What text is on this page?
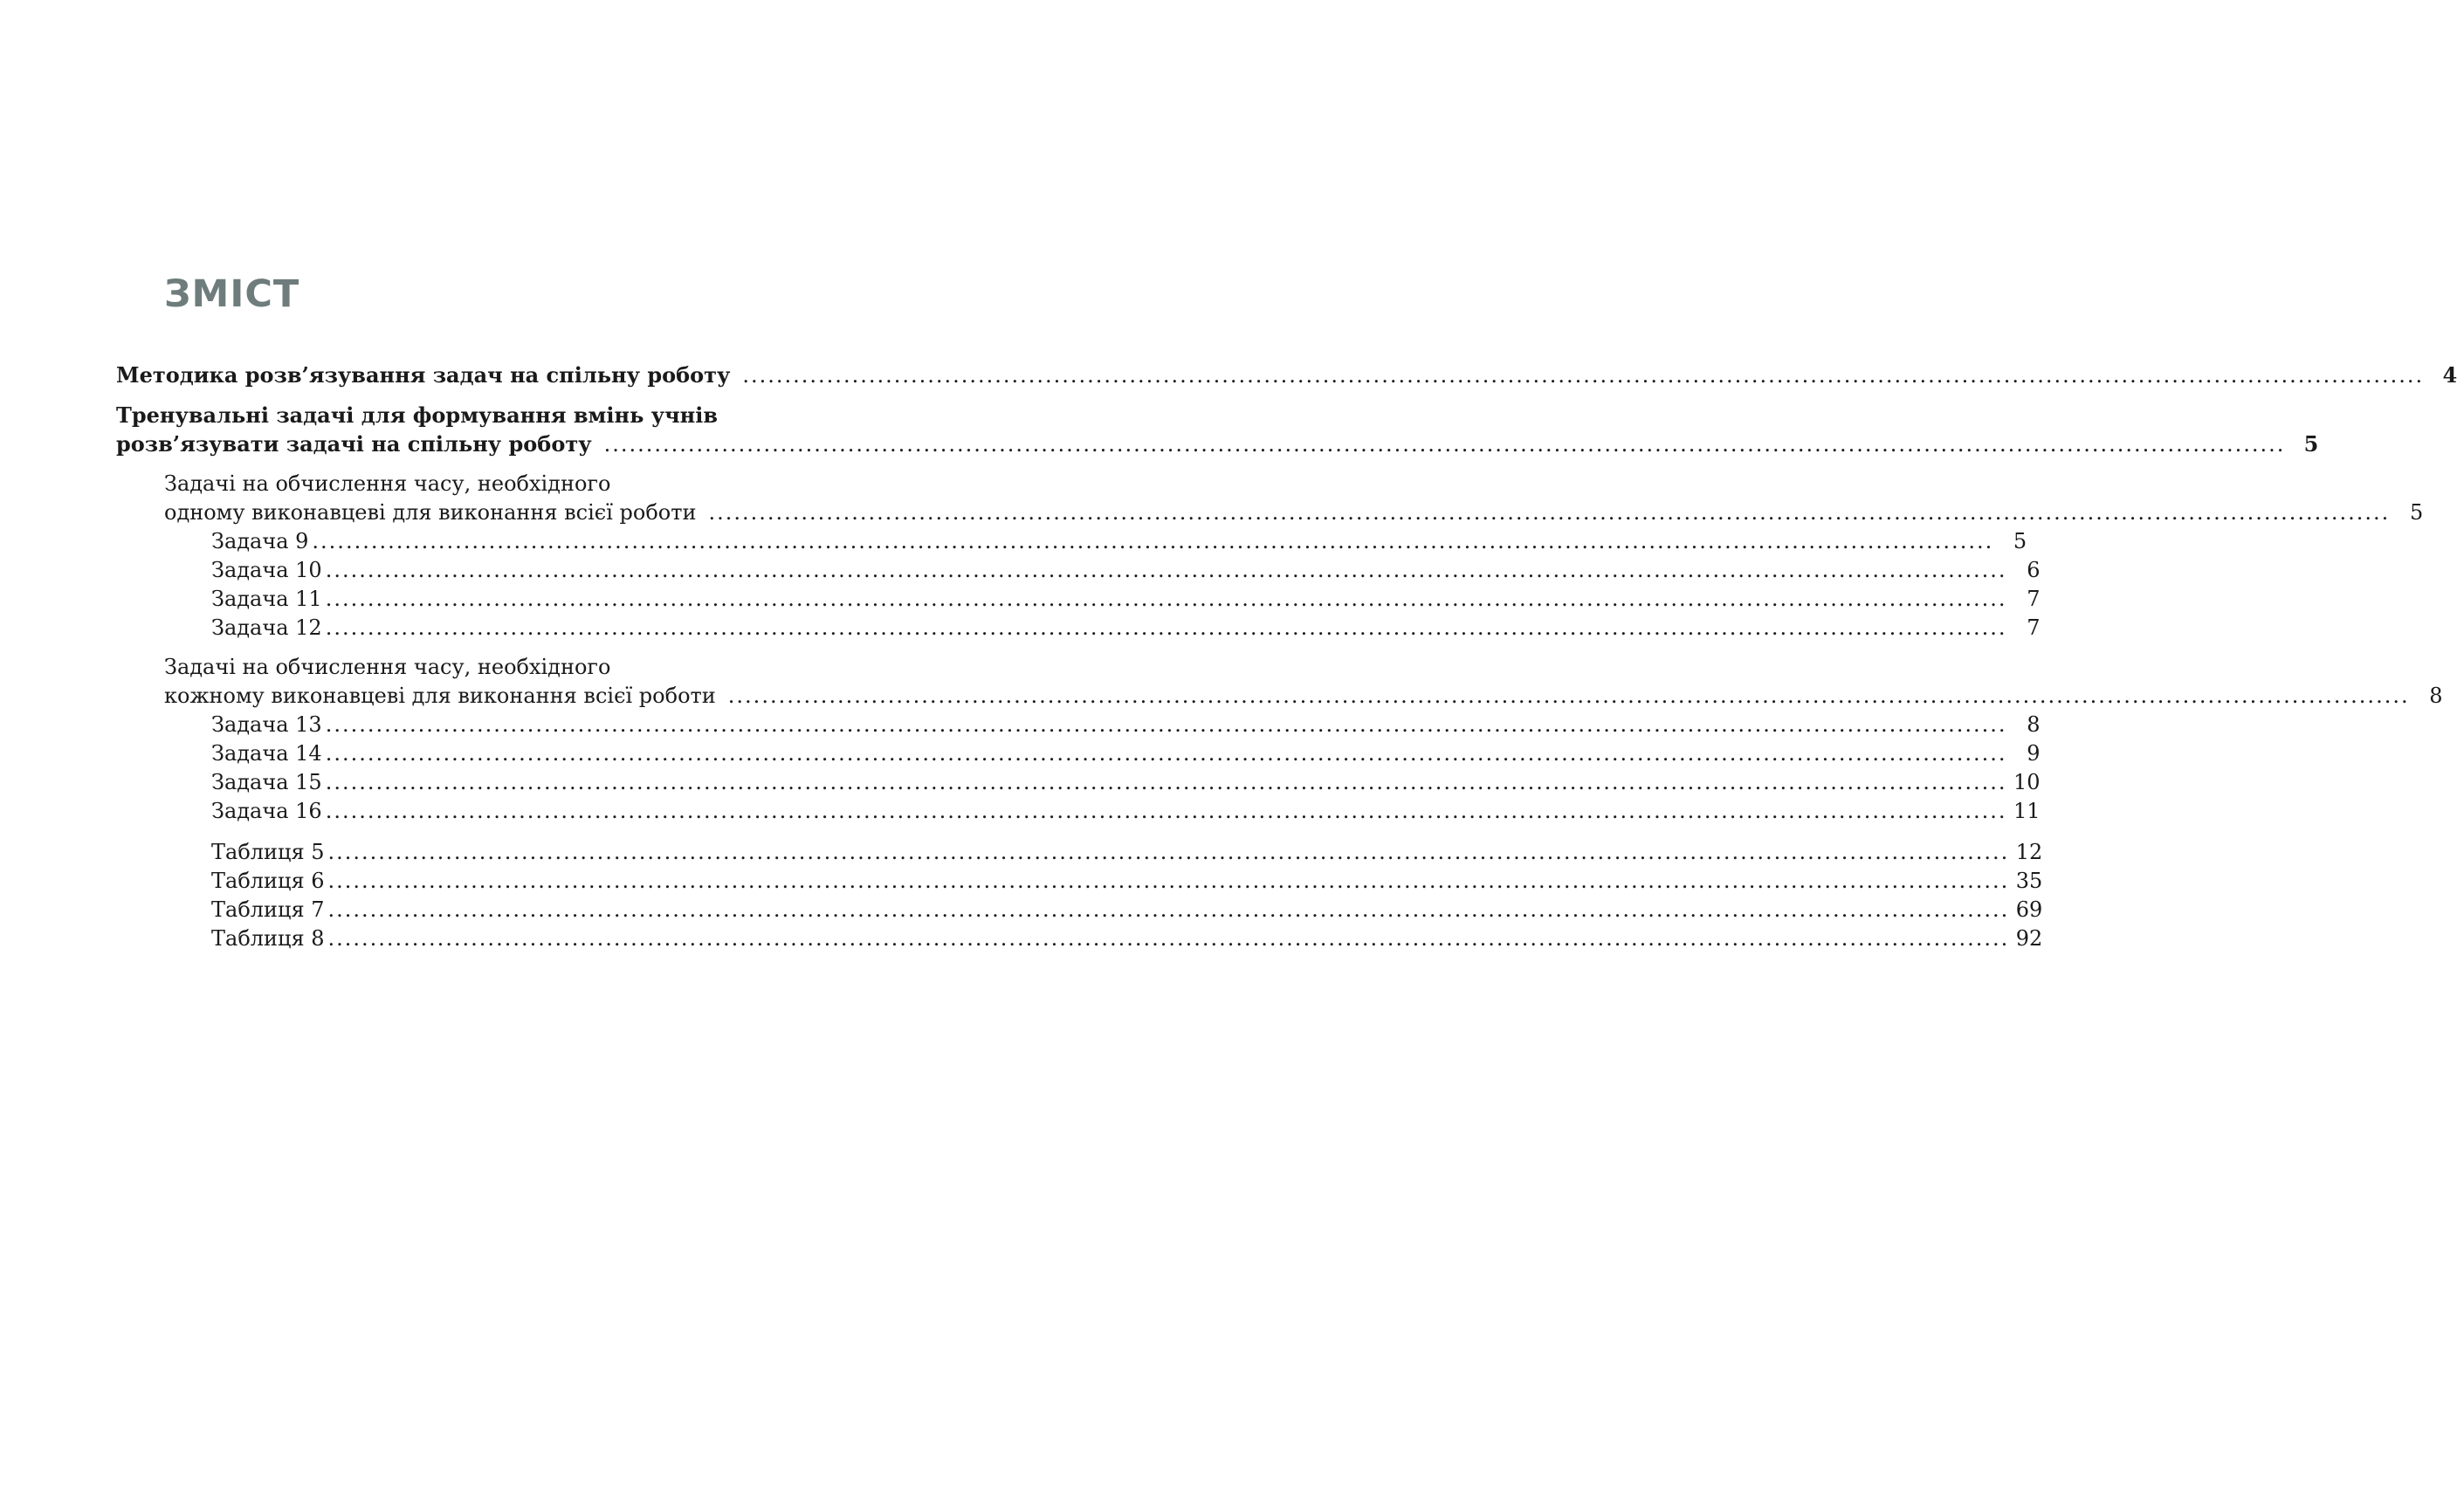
ЗМІСТ
Методика розв’язування задач на спільну роботу ........................................................................................................................................................................................................ 4
Тренувальні задачі для формування вмінь учнів
розв’язувати задачі на спільну роботу ........................................................................................................................................................................................................ 5
Задачі на обчислення часу, необхідного
одному виконавцеві для виконання всієї роботи ........................................................................................................................................................................................................ 5
Задача 9 ........................................................................................................................................................................................................ 5
Задача 10 ........................................................................................................................................................................................................ 6
Задача 11 ........................................................................................................................................................................................................ 7
Задача 12 ........................................................................................................................................................................................................ 7
Задачі на обчислення часу, необхідного
кожному виконавцеві для виконання всієї роботи ........................................................................................................................................................................................................ 8
Задача 13 ........................................................................................................................................................................................................ 8
Задача 14 ........................................................................................................................................................................................................ 9
Задача 15 ........................................................................................................................................................................................................ 10
Задача 16 ........................................................................................................................................................................................................ 11
Таблиця 5 ........................................................................................................................................................................................................ 12
Таблиця 6 ........................................................................................................................................................................................................ 35
Таблиця 7 ........................................................................................................................................................................................................ 69
Таблиця 8 ........................................................................................................................................................................................................ 92
